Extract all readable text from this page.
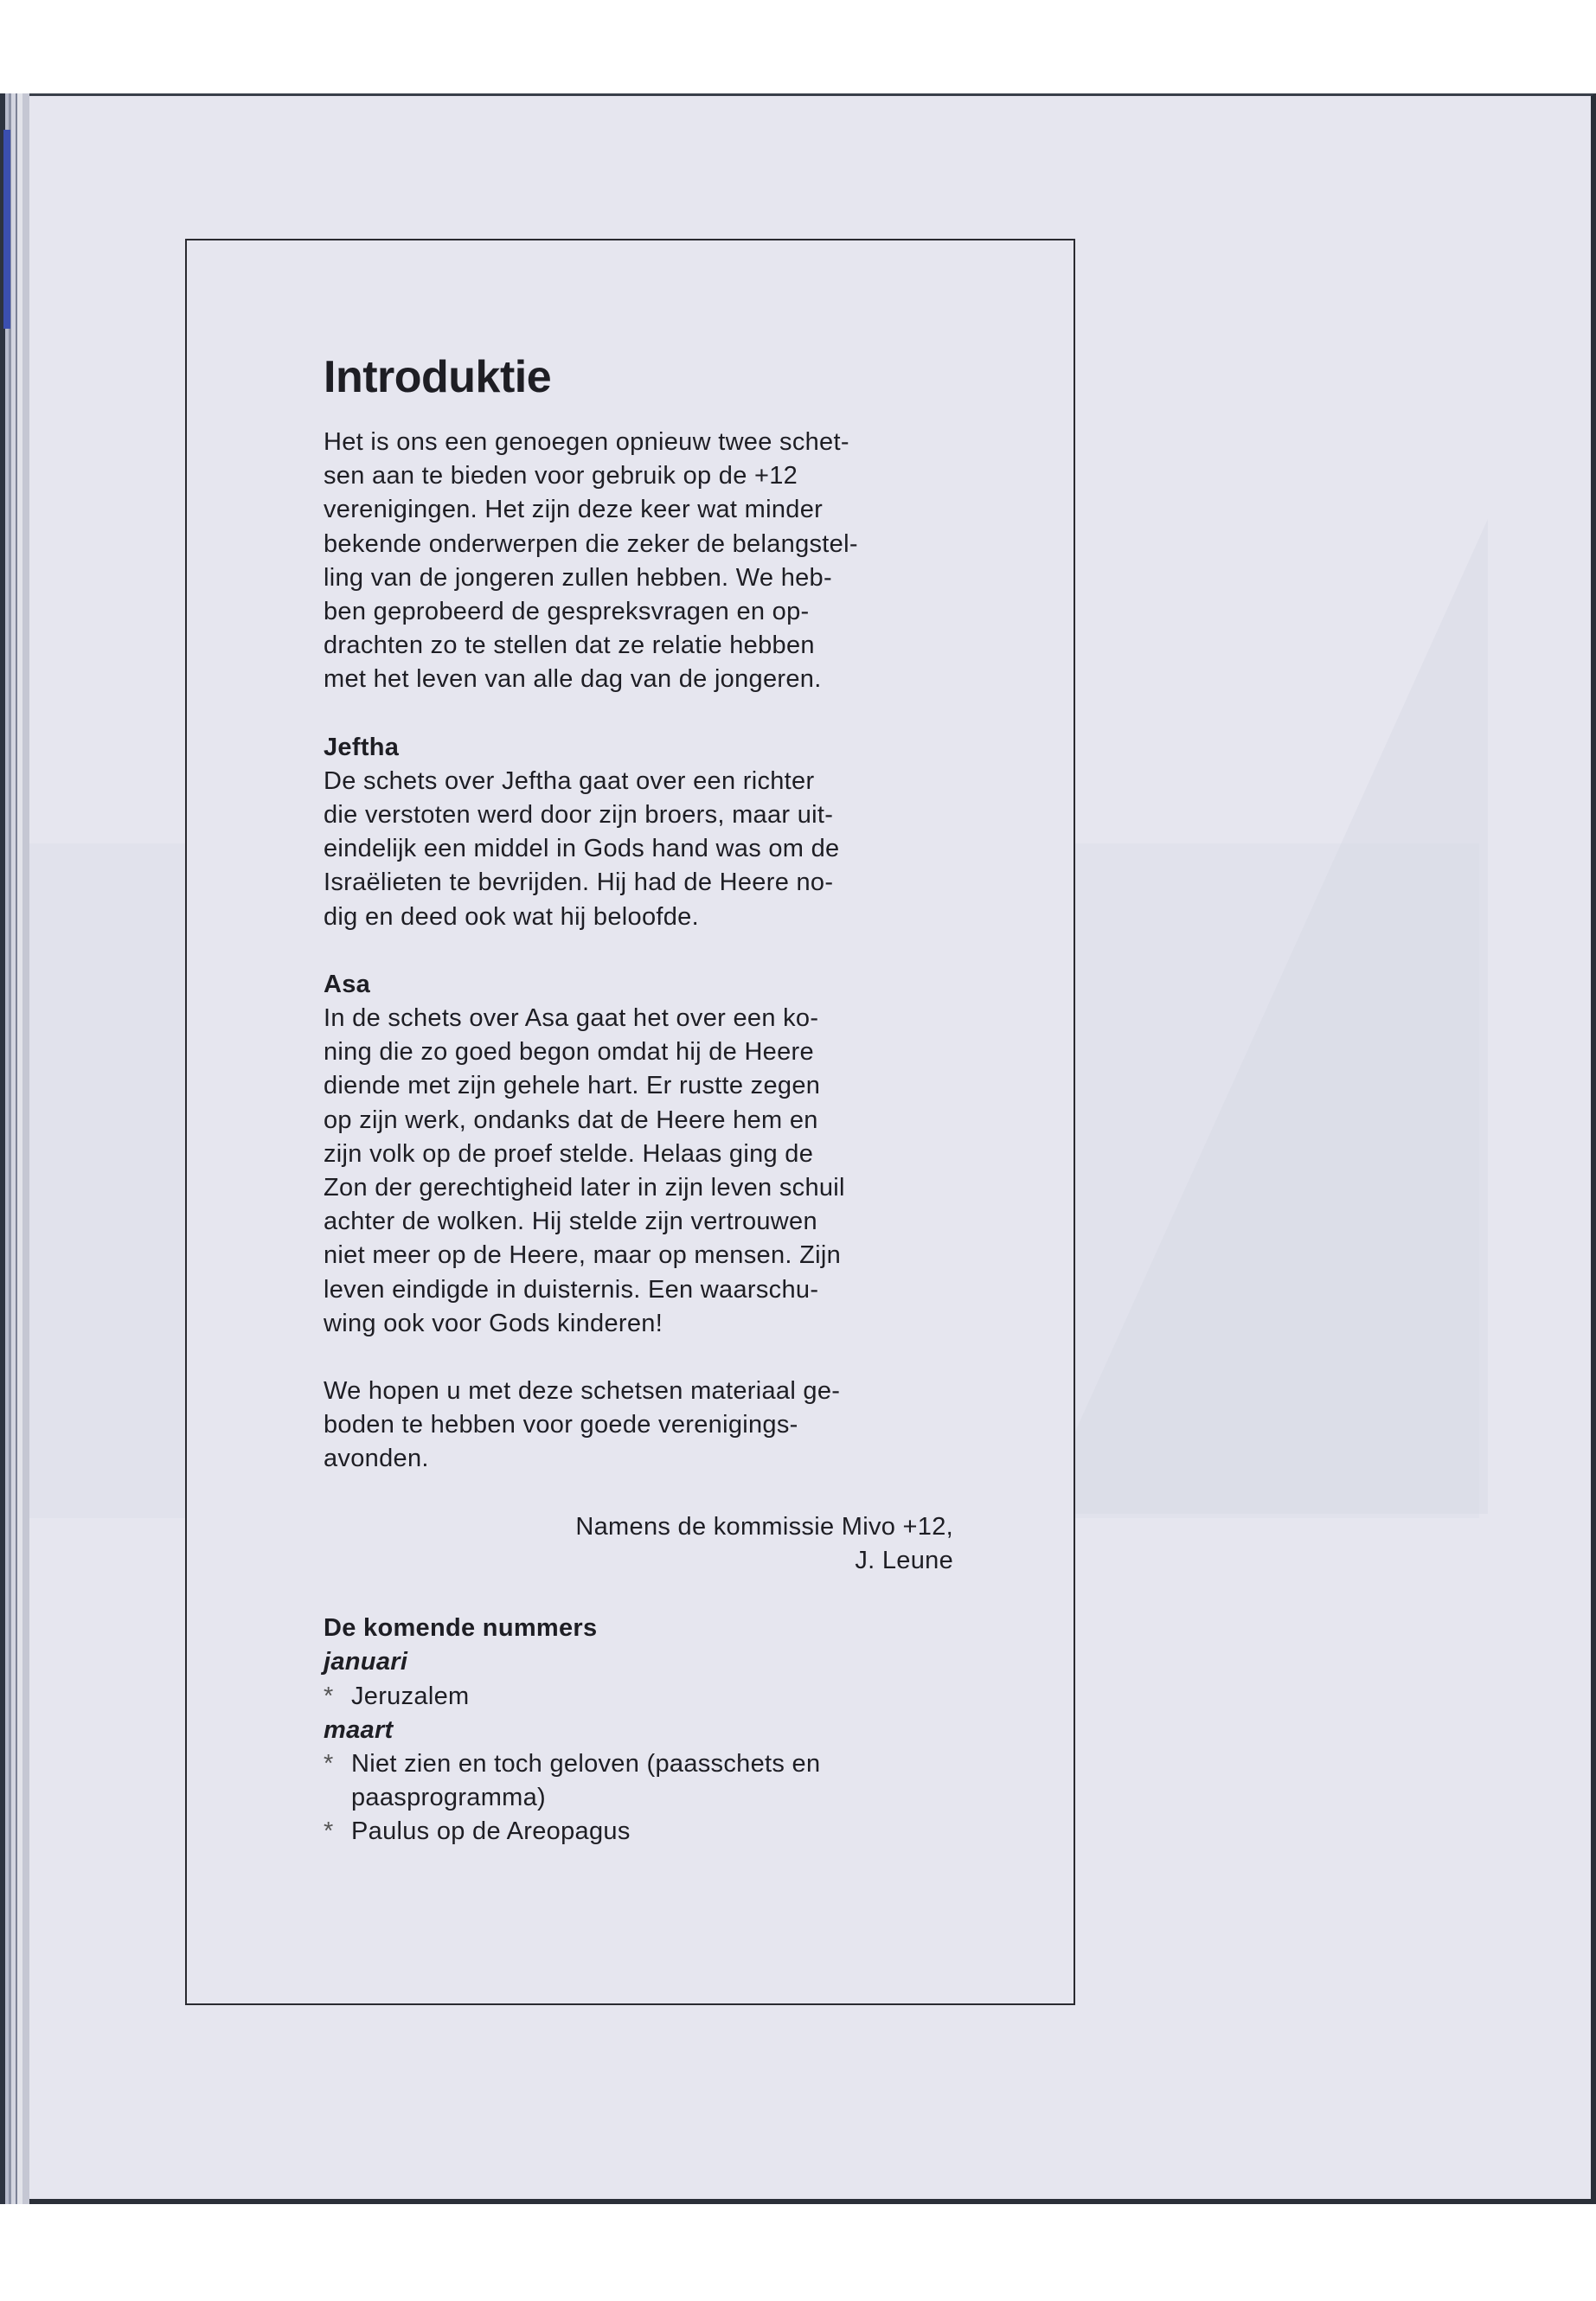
Introduktie

Het is ons een genoegen opnieuw twee schet-
sen aan te bieden voor gebruik op de +12
verenigingen. Het zijn deze keer wat minder
bekende onderwerpen die zeker de belangstel-
ling van de jongeren zullen hebben. We heb-
ben geprobeerd de gespreksvragen en op-
drachten zo te stellen dat ze relatie hebben
met het leven van alle dag van de jongeren.

Jeftha

De schets over Jeftha gaat over een richter
die verstoten werd door zijn broers, maar uit-
eindelijk een middel in Gods hand was om de
Israëlieten te bevrijden. Hij had de Heere no-
dig en deed ook wat hij beloofde.

Asa

In de schets over Asa gaat het over een ko-
ning die zo goed begon omdat hij de Heere
diende met zijn gehele hart. Er rustte zegen
op zijn werk, ondanks dat de Heere hem en
zijn volk op de proef stelde. Helaas ging de
Zon der gerechtigheid later in zijn leven schuil
achter de wolken. Hij stelde zijn vertrouwen
niet meer op de Heere, maar op mensen. Zijn
leven eindigde in duisternis. Een waarschu-
wing ook voor Gods kinderen!

We hopen u met deze schetsen materiaal ge-
boden te hebben voor goede verenigings-
avonden.

Namens de kommissie Mivo +12,
J. Leune
De komende nummers
januari
* Jeruzalem
maart
* Niet zien en toch geloven (paasschets en
paasprogramma)
* Paulus op de Areopagus
